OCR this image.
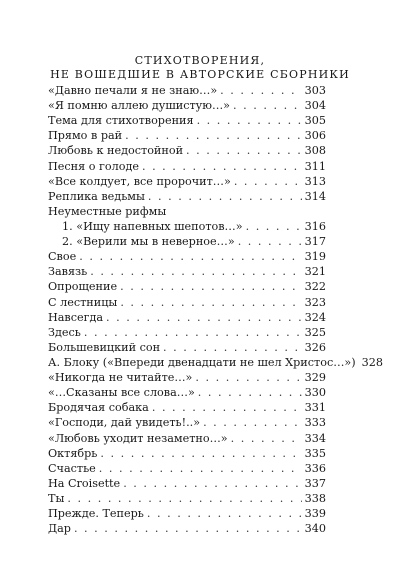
СТИХОТВОРЕНИЯ,
НЕ ВОШЕДШИЕ В АВТОРСКИЕ СБОРНИКИ
«Давно печали я не знаю…» . . .	303
«Я помню аллею душистую…» . . .	304
Тема для стихотворения . . .	305
Прямо в рай . . .	306
Любовь к недостойной . . .	308
Песня о голоде . . .	311
«Все колдует, все пророчит…» . . .	313
Реплика ведьмы . . .	314
Неуместные рифмы
1. «Ищу напевных шепотов…» . . .	316
2. «Верили мы в неверное…» . . .	317
Свое . . .	319
Завязь . . .	321
Опрощение . . .	322
С лестницы . . .	323
Навсегда . . .	324
Здесь . . .	325
Большевицкий сон . . .	326
А. Блоку («Впереди двенадцати не шел Христос…») 328
«Никогда не читайте…» . . .	329
«…Сказаны все слова…» . . .	330
Бродячая собака . . .	331
«Господи, дай увидеть!..» . . .	333
«Любовь уходит незаметно…» . . .	334
Октябрь . . .	335
Счастье . . .	336
На Croisette . . .	337
Ты . . .	338
Прежде. Теперь . . .	339
Дар . . .	340
